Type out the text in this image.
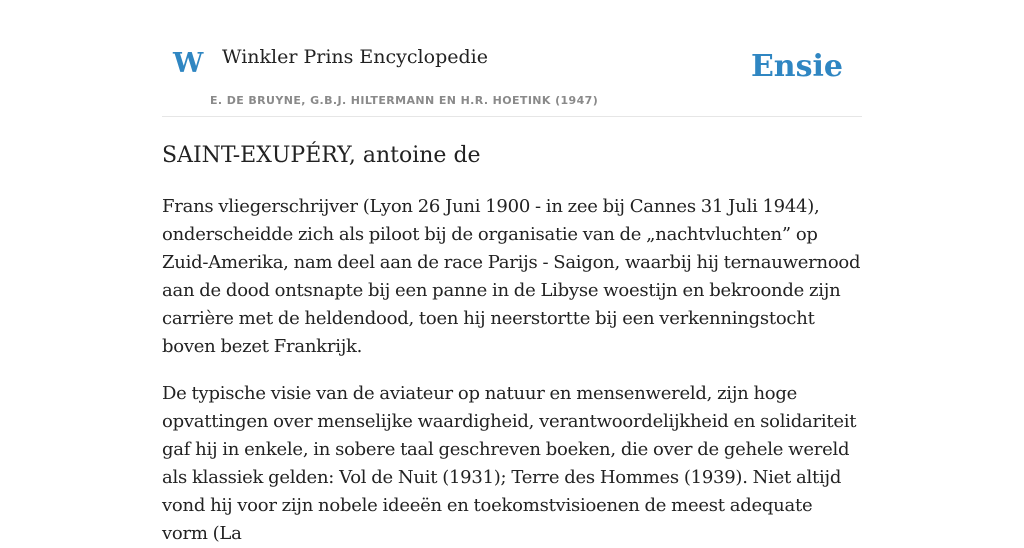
W Winkler Prins Encyclopedie
E. DE BRUYNE, G.B.J. HILTERMANN EN H.R. HOETINK (1947)
Ensie
SAINT-EXUPÉRY, antoine de

Frans vliegerschrijver (Lyon 26 Juni 1900 - in zee bij Cannes 31 Juli 1944), onderscheidde zich als piloot bij de organisatie van de „nachtvluchten” op Zuid-Amerika, nam deel aan de race Parijs - Saigon, waarbij hij ternauwernood aan de dood ontsnapte bij een panne in de Libyse woestijn en bekroonde zijn carrière met de heldendood, toen hij neerstortte bij een verkenningstocht boven bezet Frankrijk.

De typische visie van de aviateur op natuur en mensenwereld, zijn hoge opvattingen over menselijke waardigheid, verantwoordelijkheid en solidariteit gaf hij in enkele, in sobere taal geschreven boeken, die over de gehele wereld als klassiek gelden: Vol de Nuit (1931); Terre des Hommes (1939). Niet altijd vond hij voor zijn nobele ideeën en toekomstvisioenen de meest adequate vorm (La
